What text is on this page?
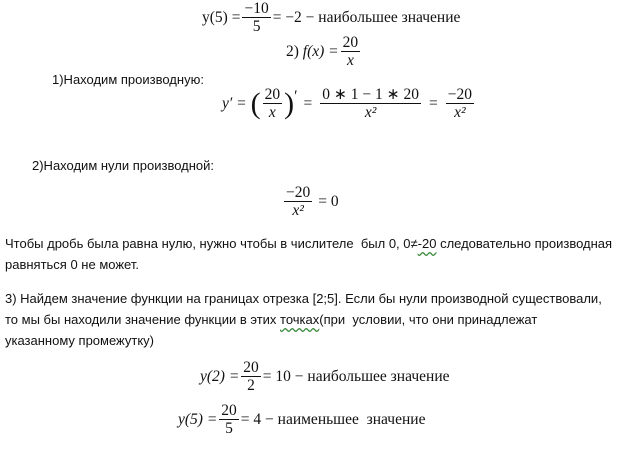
$y(5) = \frac{-10}{5} = -2$ − наибольшее значение
2) $f(x) = \frac{20}{x}$
1)Находим производную:
y′ = ( $\frac{20}{x}$ ) ′ = $\frac{0 ∗ 1 - 1 ∗ 20}{\text{x²}} = \frac{-20}{\text{x²}}$
2)Находим нули производной:
$\frac{-20}{\text{x²}} = 0$
Чтобы дробь была равна нулю, нужно чтобы в числителе  был 0, 0≠-20 следовательно производная
равняться 0 не может.
3) Найдем значение функции на границах отрезка [2;5]. Если бы нули производной существовали,
то мы бы находили значение функции в этих точках(при  условии, что они принадлежат
указанному промежутку)
$y(2) = \frac{20}{2} = 10$ − наибольшее значение
$y(5) = \frac{20}{5} = 4$ − наименьшее  значение
